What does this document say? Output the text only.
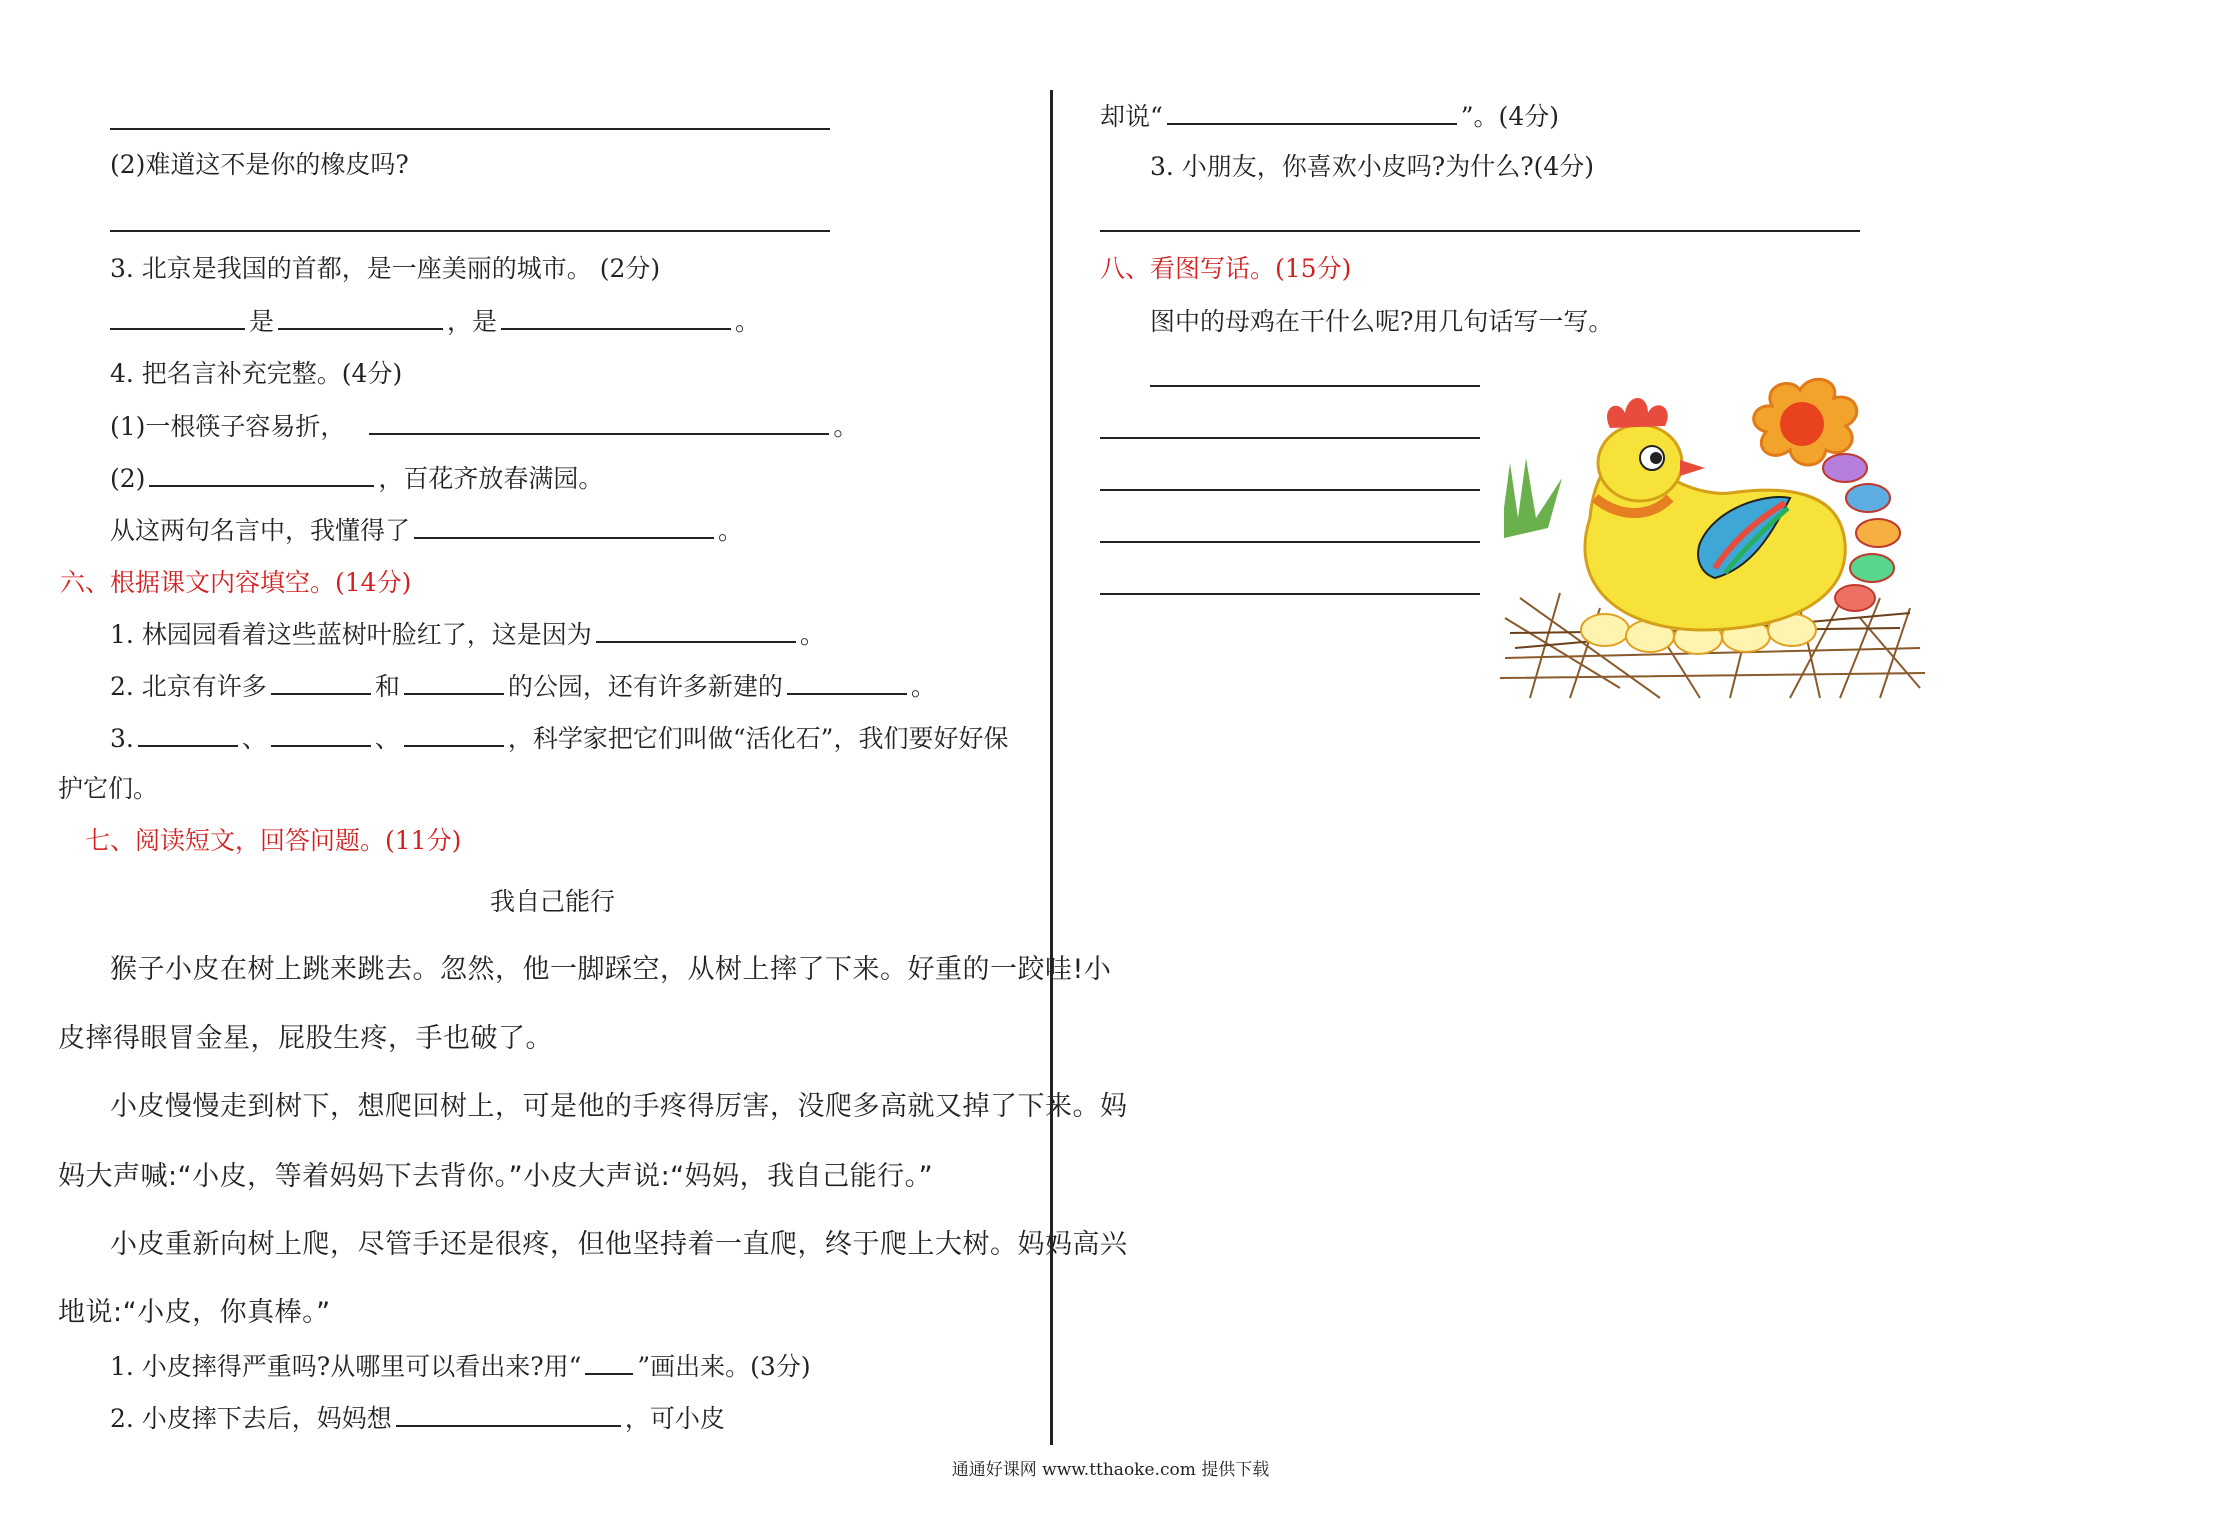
(2)难道这不是你的橡皮吗?
3. 北京是我国的首都，是一座美丽的城市。 (2分)
是	，是	。
4. 把名言补充完整。(4分)
(1)一根筷子容易折，	。
(2)	，百花齐放春满园。
从这两句名言中，我懂得了	。
六、根据课文内容填空。(14分)
1. 林园园看着这些蓝树叶脸红了，这是因为	。
2. 北京有许多	和	的公园，还有许多新建的	。
3.	、	、	，科学家把它们叫做“活化石”，我们要好好保
护它们。
七、阅读短文，回答问题。(11分)
我自己能行
猴子小皮在树上跳来跳去。忽然，他一脚踩空，从树上摔了下来。好重的一跤哇!小
皮摔得眼冒金星，屁股生疼，手也破了。
小皮慢慢走到树下，想爬回树上，可是他的手疼得厉害，没爬多高就又掉了下来。妈
妈大声喊:“小皮，等着妈妈下去背你。”小皮大声说:“妈妈，我自己能行。”
小皮重新向树上爬，尽管手还是很疼，但他坚持着一直爬，终于爬上大树。妈妈高兴
地说:“小皮，你真棒。”
1. 小皮摔得严重吗?从哪里可以看出来?用“ ”画出来。(3分)
2. 小皮摔下去后，妈妈想	，可小皮
却说“	”。(4分)
3. 小朋友，你喜欢小皮吗?为什么?(4分)
八、看图写话。(15分)
图中的母鸡在干什么呢?用几句话写一写。
通通好课网 www.tthaoke.com 提供下载
